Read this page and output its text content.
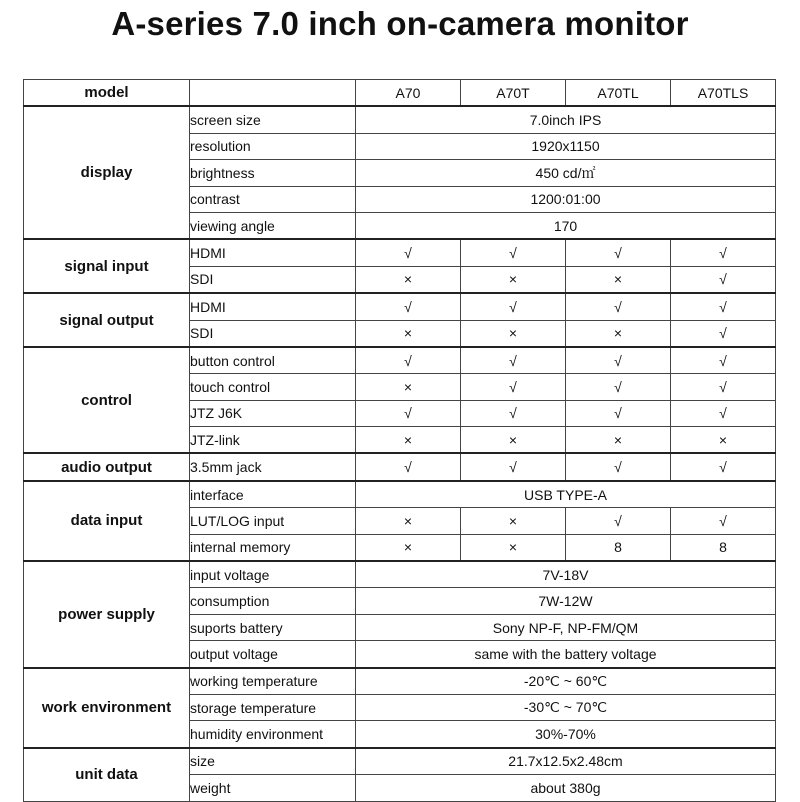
A-series 7.0 inch on-camera monitor
model		A70	A70T	A70TL	A70TLS
display	screen size	7.0inch IPS			
	resolution	1920x1150			
	brightness	450 cd/㎡			
	contrast	1200:01:00			
	viewing angle	170			
signal input	HDMI	√	√	√	√
	SDI	×	×	×	√
signal output	HDMI	√	√	√	√
	SDI	×	×	×	√
control	button control	√	√	√	√
	touch control	×	√	√	√
	JTZ J6K	√	√	√	√
	JTZ-link	×	×	×	×
audio output	3.5mm jack	√	√	√	√
data input	interface	USB TYPE-A			
	LUT/LOG input	×	×	√	√
	internal memory	×	×	8	8
power supply	input voltage	7V-18V			
	consumption	7W-12W			
	suports battery	Sony NP-F, NP-FM/QM			
	output voltage	same with the battery voltage			
work environment	working temperature	-20℃ ~ 60℃			
	storage temperature	-30℃ ~ 70℃			
	humidity environment	30%-70%			
unit data	size	21.7x12.5x2.48cm			
	weight	about 380g			
